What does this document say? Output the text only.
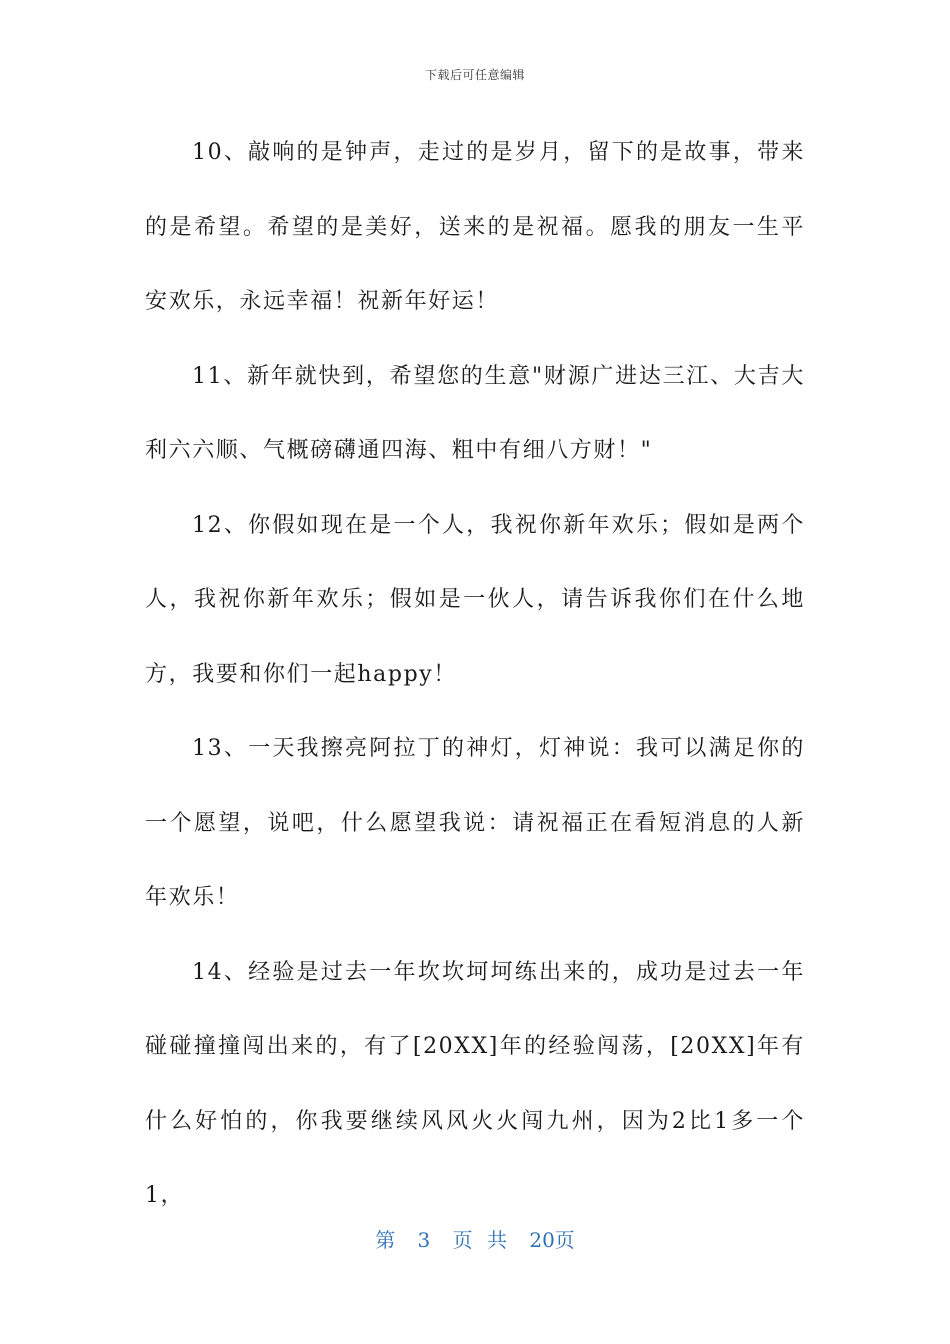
下载后可任意编辑

10、敲响的是钟声，走过的是岁月，留下的是故事，带来的是希望。希望的是美好，送来的是祝福。愿我的朋友一生平安欢乐，永远幸福！祝新年好运！

11、新年就快到，希望您的生意"财源广进达三江、大吉大利六六顺、气概磅礴通四海、粗中有细八方财！"

12、你假如现在是一个人，我祝你新年欢乐；假如是两个人，我祝你新年欢乐；假如是一伙人，请告诉我你们在什么地方，我要和你们一起happy！

13、一天我擦亮阿拉丁的神灯，灯神说：我可以满足你的一个愿望，说吧，什么愿望我说：请祝福正在看短消息的人新年欢乐！

14、经验是过去一年坎坎坷坷练出来的，成功是过去一年碰碰撞撞闯出来的，有了[20XX]年的经验闯荡，[20XX]年有什么好怕的，你我要继续风风火火闯九州，因为2比1多一个1，

第 3 页 共 20页
